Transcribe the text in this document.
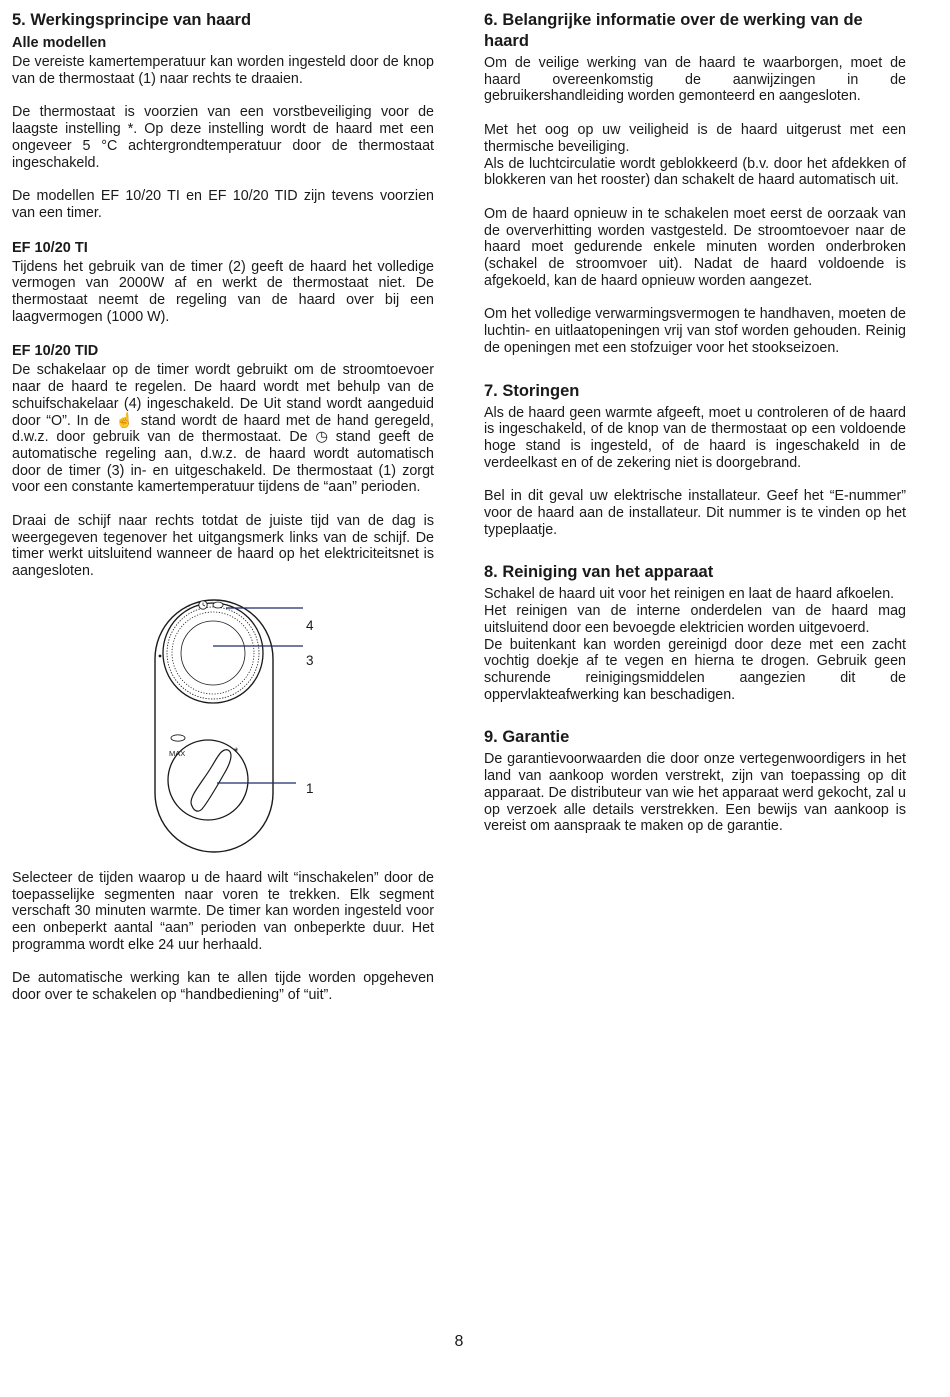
5. Werkingsprincipe van haard
Alle modellen

De vereiste kamertemperatuur kan worden ingesteld door de knop van de thermostaat (1) naar rechts te draaien.

De thermostaat is voorzien van een vorstbeveiliging voor de laagste instelling *. Op deze instelling wordt de haard met een ongeveer 5 °C achtergrondtemperatuur door de thermostaat ingeschakeld.

De modellen EF 10/20 TI en EF 10/20 TID zijn tevens voorzien van een timer.

EF 10/20 TI

Tijdens het gebruik van de timer (2) geeft de haard het volledige vermogen van 2000W af en werkt de thermostaat niet. De thermostaat neemt de regeling van de haard over bij een laagvermogen (1000 W).

EF 10/20 TID

De schakelaar op de timer wordt gebruikt om de stroomtoevoer naar de haard te regelen. De haard wordt met behulp van de schuifschakelaar (4) ingeschakeld. De Uit stand wordt aangeduid door “O”. In de ☝ stand wordt de haard met de hand geregeld, d.w.z. door gebruik van de thermostaat. De ◷ stand geeft de automatische regeling aan, d.w.z. de haard wordt automatisch door de timer (3) in- en uitgeschakeld. De thermostaat (1) zorgt voor een constante kamertemperatuur tijdens de “aan” perioden.

Draai de schijf naar rechts totdat de juiste tijd van de dag is weergegeven tegenover het uitgangsmerk links van de schijf. De timer werkt uitsluitend wanneer de haard op het elektriciteitsnet is aangesloten.

☝
MAX	*
4
3
1

Selecteer de tijden waarop u de haard wilt “inschakelen” door de toepasselijke segmenten naar voren te trekken. Elk segment verschaft 30 minuten warmte. De timer kan worden ingesteld voor een onbeperkt aantal “aan” perioden van onbeperkte duur. Het programma wordt elke 24 uur herhaald.

De automatische werking kan te allen tijde worden opgeheven door over te schakelen op “handbediening” of “uit”.

6. Belangrijke informatie over de werking van de haard

Om de veilige werking van de haard te waarborgen, moet de haard overeenkomstig de aanwijzingen in de gebruikershandleiding worden gemonteerd en aangesloten.

Met het oog op uw veiligheid is de haard uitgerust met een thermische beveiliging.

Als de luchtcirculatie wordt geblokkeerd (b.v. door het afdekken of blokkeren van het rooster) dan schakelt de haard automatisch uit.

Om de haard opnieuw in te schakelen moet eerst de oorzaak van de oververhitting worden vastgesteld. De stroomtoevoer naar de haard moet gedurende enkele minuten worden onderbroken (schakel de stroomvoer uit). Nadat de haard voldoende is afgekoeld, kan de haard opnieuw worden aangezet.

Om het volledige verwarmingsvermogen te handhaven, moeten de luchtin- en uitlaatopeningen vrij van stof worden gehouden. Reinig de openingen met een stofzuiger voor het stookseizoen.

7. Storingen

Als de haard geen warmte afgeeft, moet u controleren of de haard is ingeschakeld, of de knop van de thermostaat op een voldoende hoge stand is ingesteld, of de haard is ingeschakeld in de verdeelkast en of de zekering niet is doorgebrand.

Bel in dit geval uw elektrische installateur. Geef het “E-nummer” voor de haard aan de installateur. Dit nummer is te vinden op het typeplaatje.

8. Reiniging van het apparaat

Schakel de haard uit voor het reinigen en laat de haard afkoelen.

Het reinigen van de interne onderdelen van de haard mag uitsluitend door een bevoegde elektricien worden uitgevoerd.

De buitenkant kan worden gereinigd door deze met een zacht vochtig doekje af te vegen en hierna te drogen. Gebruik geen schurende reinigingsmiddelen aangezien dit de oppervlakteafwerking kan beschadigen.

9. Garantie

De garantievoorwaarden die door onze vertegenwoordigers in het land van aankoop worden verstrekt, zijn van toepassing op dit apparaat. De distributeur van wie het apparaat werd gekocht, zal u op verzoek alle details verstrekken. Een bewijs van aankoop is vereist om aanspraak te maken op de garantie.

8
